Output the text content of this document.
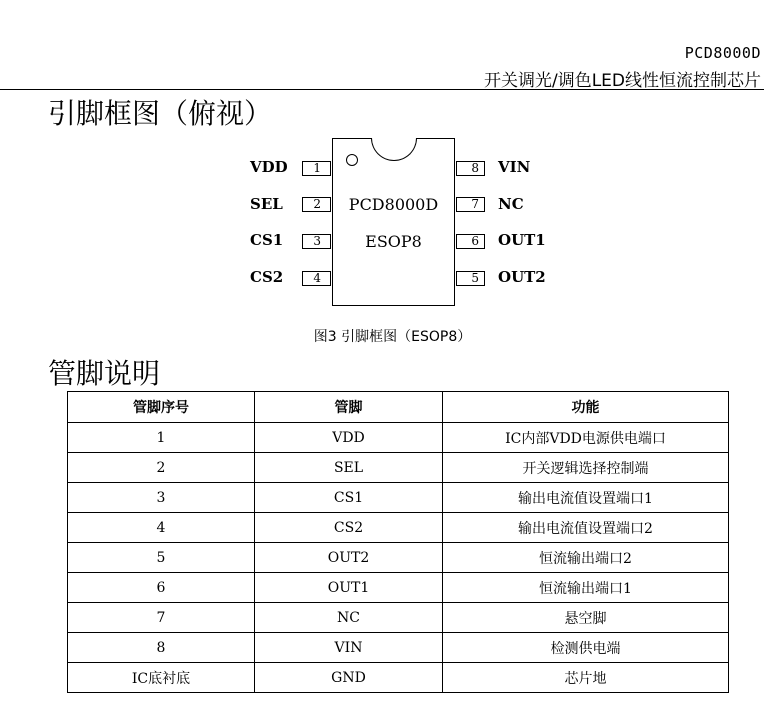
PCD8000D
开关调光/调色LED线性恒流控制芯片
引脚框图（俯视）
PCD8000D
ESOP8
VDD	1
SEL	2
CS1	3
CS2	4
8	VIN
7	NC
6	OUT1
5	OUT2
图3 引脚框图（ESOP8）
管脚说明
管脚序号	管脚	功能
1	VDD	IC内部VDD电源供电端口
2	SEL	开关逻辑选择控制端
3	CS1	输出电流值设置端口1
4	CS2	输出电流值设置端口2
5	OUT2	恒流输出端口2
6	OUT1	恒流输出端口1
7	NC	悬空脚
8	VIN	检测供电端
IC底衬底	GND	芯片地
